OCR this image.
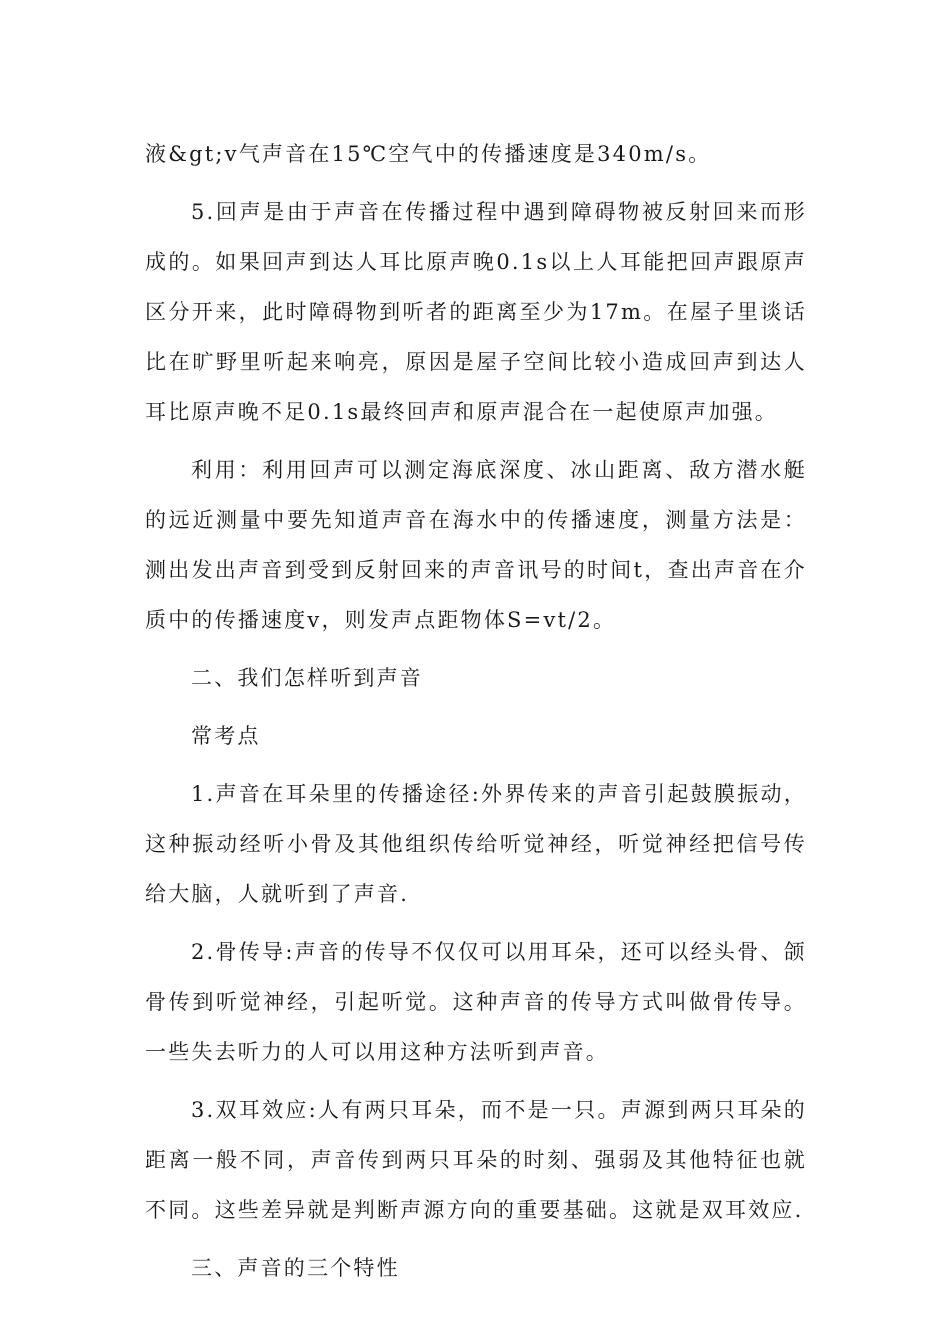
液&gt;v气声音在15℃空气中的传播速度是340m/s。

5.回声是由于声音在传播过程中遇到障碍物被反射回来而形成的。如果回声到达人耳比原声晚0.1s以上人耳能把回声跟原声区分开来，此时障碍物到听者的距离至少为17m。在屋子里谈话比在旷野里听起来响亮，原因是屋子空间比较小造成回声到达人耳比原声晚不足0.1s最终回声和原声混合在一起使原声加强。

利用：利用回声可以测定海底深度、冰山距离、敌方潜水艇的远近测量中要先知道声音在海水中的传播速度，测量方法是：测出发出声音到受到反射回来的声音讯号的时间t，查出声音在介质中的传播速度v，则发声点距物体S=vt/2。

二、我们怎样听到声音

常考点

1.声音在耳朵里的传播途径:外界传来的声音引起鼓膜振动，这种振动经听小骨及其他组织传给听觉神经，听觉神经把信号传给大脑，人就听到了声音.

2.骨传导:声音的传导不仅仅可以用耳朵，还可以经头骨、颌骨传到听觉神经，引起听觉。这种声音的传导方式叫做骨传导。一些失去听力的人可以用这种方法听到声音。

3.双耳效应:人有两只耳朵，而不是一只。声源到两只耳朵的距离一般不同，声音传到两只耳朵的时刻、强弱及其他特征也就不同。这些差异就是判断声源方向的重要基础。这就是双耳效应.

三、声音的三个特性
